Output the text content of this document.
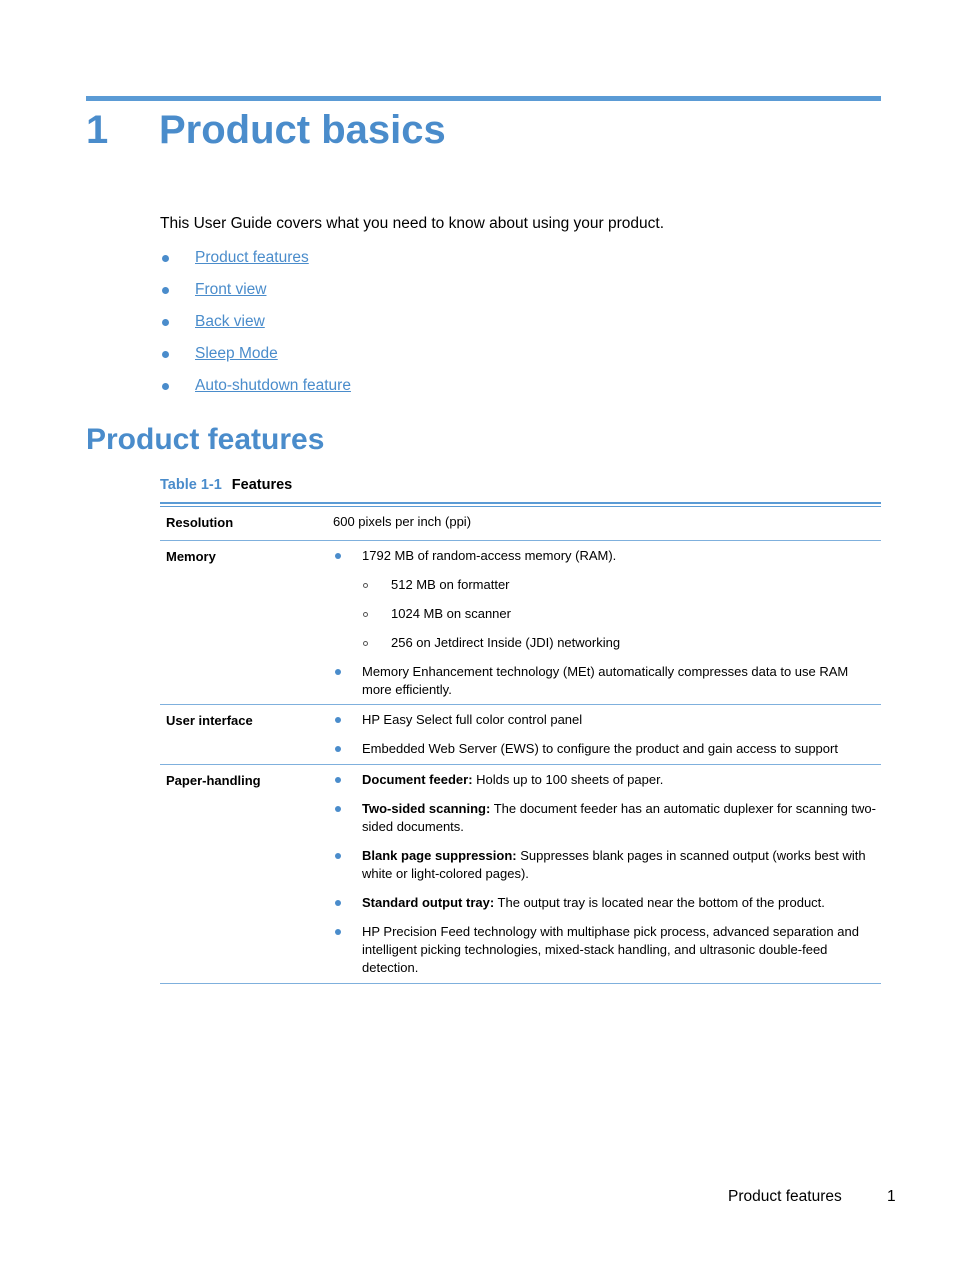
1 Product basics
This User Guide covers what you need to know about using your product.
Product features
Front view
Back view
Sleep Mode
Auto-shutdown feature
Product features
Table 1-1 Features
Resolution	600 pixels per inch (ppi)
Memory	1792 MB of random-access memory (RAM).
512 MB on formatter
1024 MB on scanner
256 on Jetdirect Inside (JDI) networking
Memory Enhancement technology (MEt) automatically compresses data to use RAM more efficiently.
User interface	HP Easy Select full color control panel
Embedded Web Server (EWS) to configure the product and gain access to support
Paper-handling	Document feeder: Holds up to 100 sheets of paper.
Two-sided scanning: The document feeder has an automatic duplexer for scanning two-sided documents.
Blank page suppression: Suppresses blank pages in scanned output (works best with white or light-colored pages).
Standard output tray: The output tray is located near the bottom of the product.
HP Precision Feed technology with multiphase pick process, advanced separation and intelligent picking technologies, mixed-stack handling, and ultrasonic double-feed detection.
Product features	1
